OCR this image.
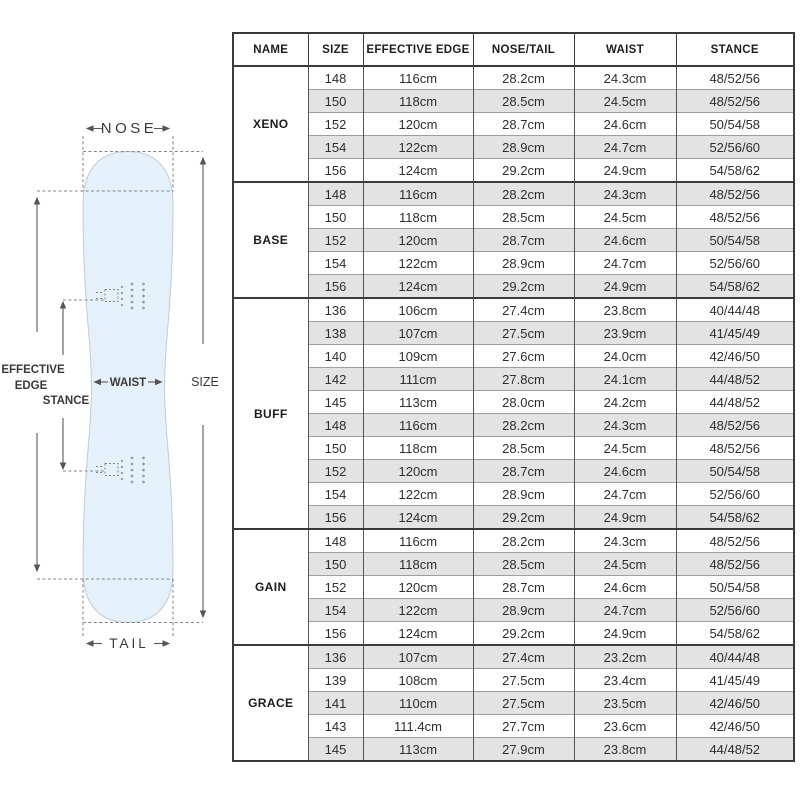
NOSE
EFFECTIVE
EDGE
STANCE
WAIST	SIZE
TAIL
NAME	SIZE	EFFECTIVE EDGE	NOSE/TAIL	WAIST	STANCE
XENO	148	116cm	28.2cm	24.3cm	48/52/56
	150	118cm	28.5cm	24.5cm	48/52/56
	152	120cm	28.7cm	24.6cm	50/54/58
	154	122cm	28.9cm	24.7cm	52/56/60
	156	124cm	29.2cm	24.9cm	54/58/62
BASE	148	116cm	28.2cm	24.3cm	48/52/56
	150	118cm	28.5cm	24.5cm	48/52/56
	152	120cm	28.7cm	24.6cm	50/54/58
	154	122cm	28.9cm	24.7cm	52/56/60
	156	124cm	29.2cm	24.9cm	54/58/62
BUFF	136	106cm	27.4cm	23.8cm	40/44/48
	138	107cm	27.5cm	23.9cm	41/45/49
	140	109cm	27.6cm	24.0cm	42/46/50
	142	111cm	27.8cm	24.1cm	44/48/52
	145	113cm	28.0cm	24.2cm	44/48/52
	148	116cm	28.2cm	24.3cm	48/52/56
	150	118cm	28.5cm	24.5cm	48/52/56
	152	120cm	28.7cm	24.6cm	50/54/58
	154	122cm	28.9cm	24.7cm	52/56/60
	156	124cm	29.2cm	24.9cm	54/58/62
GAIN	148	116cm	28.2cm	24.3cm	48/52/56
	150	118cm	28.5cm	24.5cm	48/52/56
	152	120cm	28.7cm	24.6cm	50/54/58
	154	122cm	28.9cm	24.7cm	52/56/60
	156	124cm	29.2cm	24.9cm	54/58/62
GRACE	136	107cm	27.4cm	23.2cm	40/44/48
	139	108cm	27.5cm	23.4cm	41/45/49
	141	110cm	27.5cm	23.5cm	42/46/50
	143	111.4cm	27.7cm	23.6cm	42/46/50
	145	113cm	27.9cm	23.8cm	44/48/52
